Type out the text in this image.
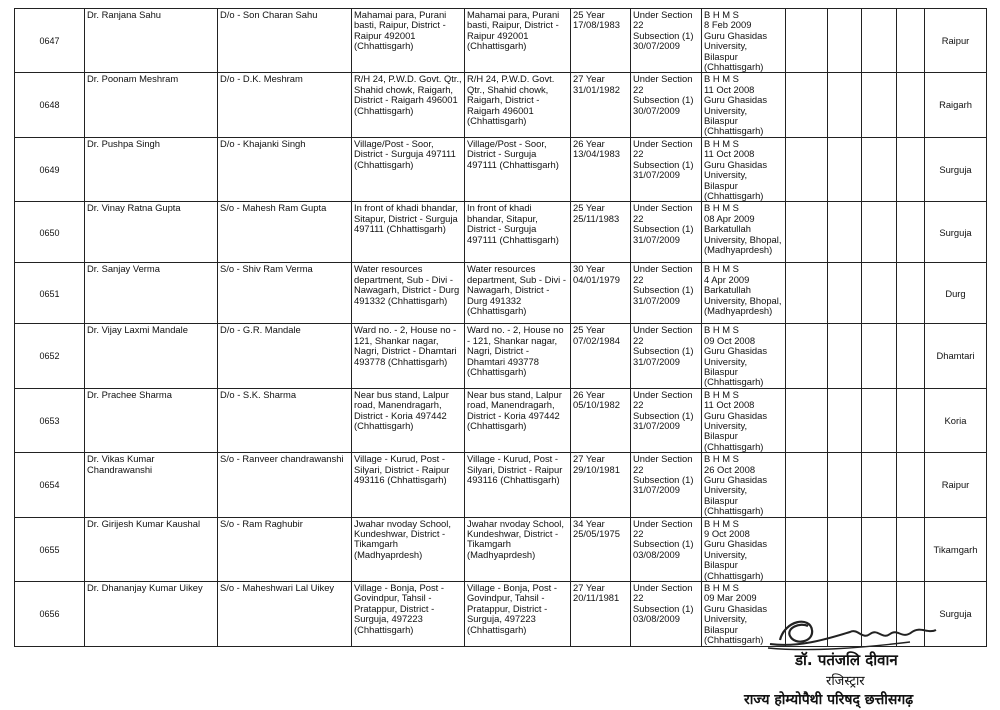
0647	Dr. Ranjana Sahu	D/o - Son Charan Sahu	Mahamai para, Purani basti, Raipur, District - Raipur 492001 (Chhattisgarh)	Mahamai para, Purani basti, Raipur, District - Raipur 492001 (Chhattisgarh)	25 Year
17/08/1983	Under Section 22
Subsection (1)
30/07/2009	B H M S
8 Feb 2009
Guru Ghasidas University, Bilaspur (Chhattisgarh)					Raipur
0648	Dr. Poonam Meshram	D/o - D.K. Meshram	R/H 24, P.W.D. Govt. Qtr., Shahid chowk, Raigarh, District - Raigarh 496001 (Chhattisgarh)	R/H 24, P.W.D. Govt. Qtr., Shahid chowk, Raigarh, District - Raigarh 496001 (Chhattisgarh)	27 Year
31/01/1982	Under Section 22
Subsection (1)
30/07/2009	B H M S
11 Oct 2008
Guru Ghasidas University, Bilaspur (Chhattisgarh)					Raigarh
0649	Dr. Pushpa Singh	D/o - Khajanki Singh	Village/Post - Soor, District - Surguja 497111 (Chhattisgarh)	Village/Post - Soor, District - Surguja 497111 (Chhattisgarh)	26 Year
13/04/1983	Under Section 22
Subsection (1)
31/07/2009	B H M S
11 Oct 2008
Guru Ghasidas University, Bilaspur (Chhattisgarh)					Surguja
0650	Dr. Vinay Ratna Gupta	S/o - Mahesh Ram Gupta	In front of khadi bhandar, Sitapur, District - Surguja 497111 (Chhattisgarh)	In front of khadi bhandar, Sitapur, District - Surguja 497111 (Chhattisgarh)	25 Year
25/11/1983	Under Section 22
Subsection (1)
31/07/2009	B H M S
08 Apr 2009
Barkatullah University, Bhopal, (Madhyaprdesh)					Surguja
0651	Dr. Sanjay Verma	S/o - Shiv Ram Verma	Water resources department, Sub - Divi - Nawagarh, District - Durg 491332 (Chhattisgarh)	Water resources department, Sub - Divi - Nawagarh, District - Durg 491332 (Chhattisgarh)	30 Year
04/01/1979	Under Section 22
Subsection (1)
31/07/2009	B H M S
4 Apr 2009
Barkatullah University, Bhopal, (Madhyaprdesh)					Durg
0652	Dr. Vijay Laxmi Mandale	D/o - G.R. Mandale	Ward no. - 2, House no - 121, Shankar nagar, Nagri, District - Dhamtari 493778 (Chhattisgarh)	Ward no. - 2, House no - 121, Shankar nagar, Nagri, District - Dhamtari 493778 (Chhattisgarh)	25 Year
07/02/1984	Under Section 22
Subsection (1)
31/07/2009	B H M S
09 Oct 2008
Guru Ghasidas University, Bilaspur (Chhattisgarh)					Dhamtari
0653	Dr. Prachee Sharma	D/o - S.K. Sharma	Near bus stand, Lalpur road, Manendragarh, District - Koria 497442 (Chhattisgarh)	Near bus stand, Lalpur road, Manendragarh, District - Koria 497442 (Chhattisgarh)	26 Year
05/10/1982	Under Section 22
Subsection (1)
31/07/2009	B H M S
11 Oct 2008
Guru Ghasidas University, Bilaspur (Chhattisgarh)					Koria
0654	Dr. Vikas Kumar Chandrawanshi	S/o - Ranveer chandrawanshi	Village - Kurud, Post - Silyari, District - Raipur 493116 (Chhattisgarh)	Village - Kurud, Post - Silyari, District - Raipur 493116 (Chhattisgarh)	27 Year
29/10/1981	Under Section 22
Subsection (1)
31/07/2009	B H M S
26 Oct 2008
Guru Ghasidas University, Bilaspur (Chhattisgarh)					Raipur
0655	Dr. Girijesh Kumar Kaushal	S/o - Ram Raghubir	Jwahar nvoday School, Kundeshwar, District - Tikamgarh (Madhyaprdesh)	Jwahar nvoday School, Kundeshwar, District - Tikamgarh (Madhyaprdesh)	34 Year
25/05/1975	Under Section 22
Subsection (1)
03/08/2009	B H M S
9 Oct 2008
Guru Ghasidas University, Bilaspur (Chhattisgarh)					Tikamgarh
0656	Dr. Dhananjay Kumar Uikey	S/o - Maheshwari Lal Uikey	Village - Bonja, Post - Govindpur, Tahsil - Pratappur, District - Surguja, 497223 (Chhattisgarh)	Village - Bonja, Post - Govindpur, Tahsil - Pratappur, District - Surguja, 497223 (Chhattisgarh)	27 Year
20/11/1981	Under Section 22
Subsection (1)
03/08/2009	B H M S
09 Mar 2009
Guru Ghasidas University, Bilaspur (Chhattisgarh)					Surguja
डॉ. पतंजलि दीवान
रजिस्ट्रार
राज्य होम्योपैथी परिषद् छत्तीसगढ़
